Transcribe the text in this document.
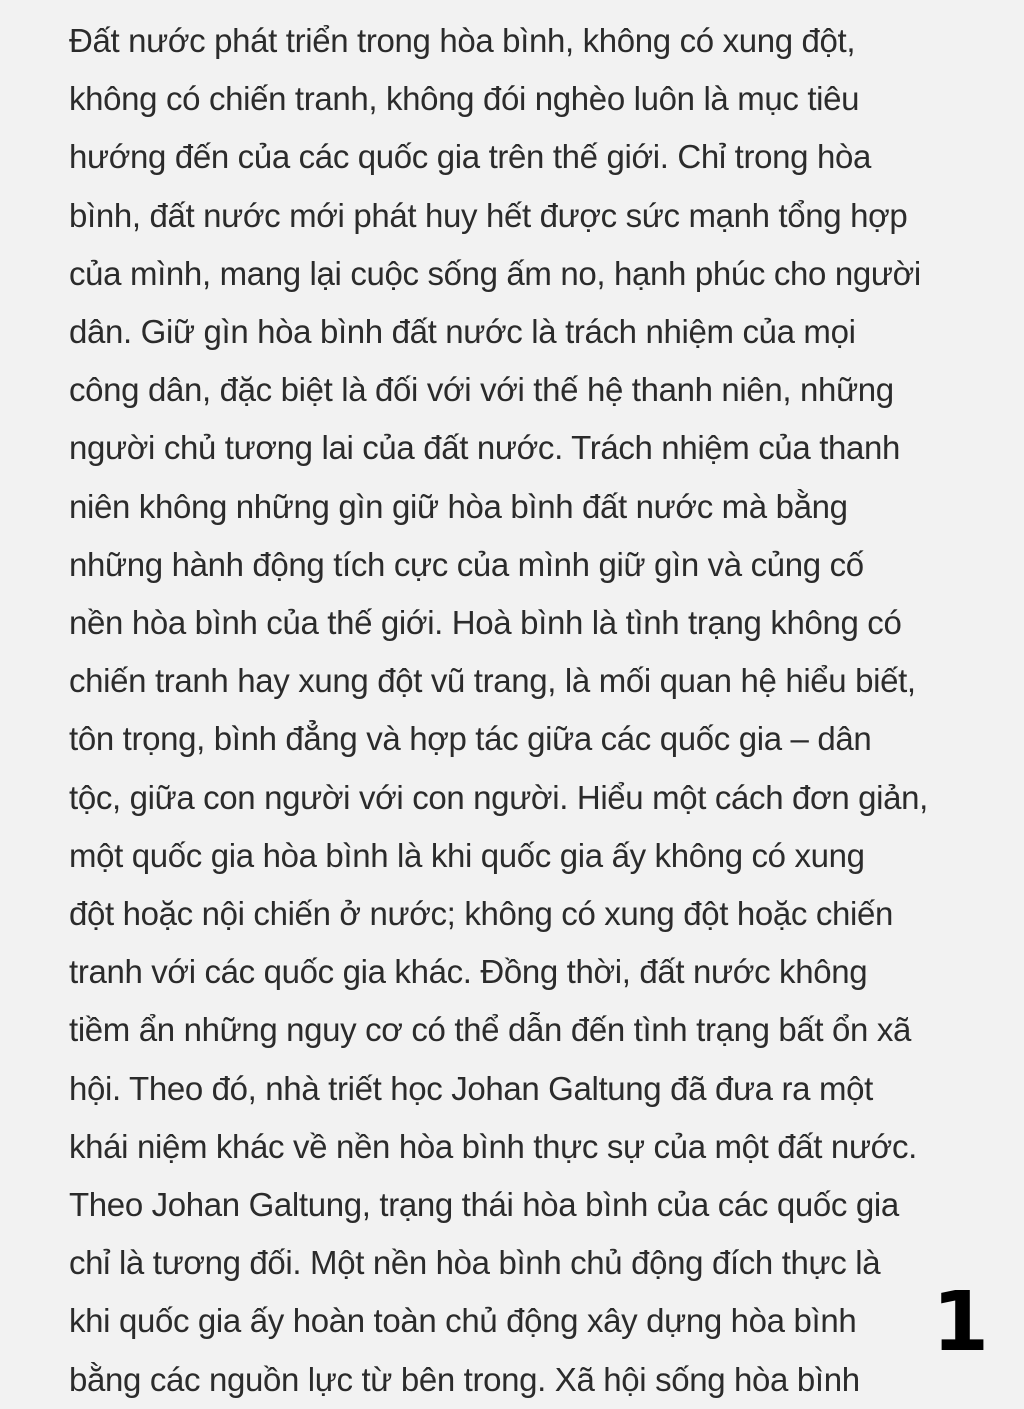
Đất nước phát triển trong hòa bình, không có xung đột,
không có chiến tranh, không đói nghèo luôn là mục tiêu
hướng đến của các quốc gia trên thế giới. Chỉ trong hòa
bình, đất nước mới phát huy hết được sức mạnh tổng hợp
của mình, mang lại cuộc sống ấm no, hạnh phúc cho người
dân. Giữ gìn hòa bình đất nước là trách nhiệm của mọi
công dân, đặc biệt là đối với với thế hệ thanh niên, những
người chủ tương lai của đất nước. Trách nhiệm của thanh
niên không những gìn giữ hòa bình đất nước mà bằng
những hành động tích cực của mình giữ gìn và củng cố
nền hòa bình của thế giới. Hoà bình là tình trạng không có
chiến tranh hay xung đột vũ trang, là mối quan hệ hiểu biết,
tôn trọng, bình đẳng và hợp tác giữa các quốc gia – dân
tộc, giữa con người với con người. Hiểu một cách đơn giản,
một quốc gia hòa bình là khi quốc gia ấy không có xung
đột hoặc nội chiến ở nước; không có xung đột hoặc chiến
tranh với các quốc gia khác. Đồng thời, đất nước không
tiềm ẩn những nguy cơ có thể dẫn đến tình trạng bất ổn xã
hội. Theo đó, nhà triết học Johan Galtung đã đưa ra một
khái niệm khác về nền hòa bình thực sự của một đất nước.
Theo Johan Galtung, trạng thái hòa bình của các quốc gia
chỉ là tương đối. Một nền hòa bình chủ động đích thực là
khi quốc gia ấy hoàn toàn chủ động xây dựng hòa bình
bằng các nguồn lực từ bên trong. Xã hội sống hòa bình
1
